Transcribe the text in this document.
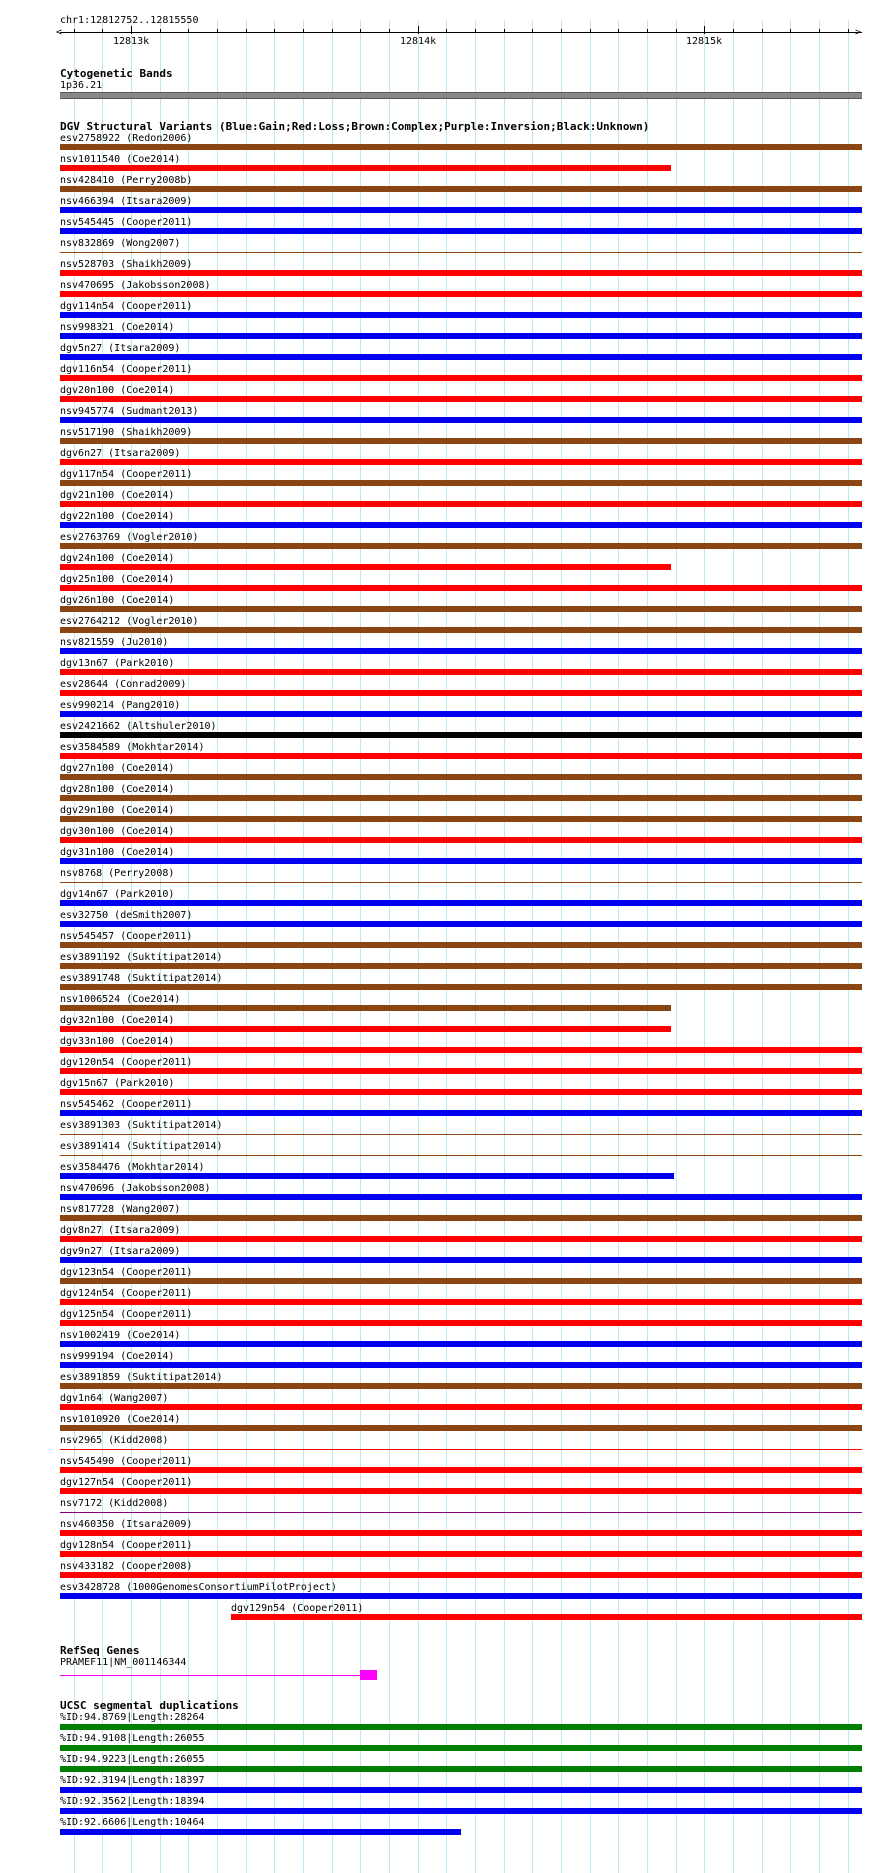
chr1:12812752..12815550
<	>
12813k	12814k	12815k
Cytogenetic Bands
1p36.21
DGV Structural Variants (Blue:Gain;Red:Loss;Brown:Complex;Purple:Inversion;Black:Unknown)
esv2758922 (Redon2006)
nsv1011540 (Coe2014)
nsv428410 (Perry2008b)
nsv466394 (Itsara2009)
nsv545445 (Cooper2011)
nsv832869 (Wong2007)
nsv528703 (Shaikh2009)
nsv470695 (Jakobsson2008)
dgv114n54 (Cooper2011)
nsv998321 (Coe2014)
dgv5n27 (Itsara2009)
dgv116n54 (Cooper2011)
dgv20n100 (Coe2014)
nsv945774 (Sudmant2013)
nsv517190 (Shaikh2009)
dgv6n27 (Itsara2009)
dgv117n54 (Cooper2011)
dgv21n100 (Coe2014)
dgv22n100 (Coe2014)
esv2763769 (Vogler2010)
dgv24n100 (Coe2014)
dgv25n100 (Coe2014)
dgv26n100 (Coe2014)
esv2764212 (Vogler2010)
nsv821559 (Ju2010)
dgv13n67 (Park2010)
esv28644 (Conrad2009)
esv990214 (Pang2010)
esv2421662 (Altshuler2010)
esv3584589 (Mokhtar2014)
dgv27n100 (Coe2014)
dgv28n100 (Coe2014)
dgv29n100 (Coe2014)
dgv30n100 (Coe2014)
dgv31n100 (Coe2014)
nsv8768 (Perry2008)
dgv14n67 (Park2010)
esv32750 (deSmith2007)
nsv545457 (Cooper2011)
esv3891192 (Suktitipat2014)
esv3891748 (Suktitipat2014)
nsv1006524 (Coe2014)
dgv32n100 (Coe2014)
dgv33n100 (Coe2014)
dgv120n54 (Cooper2011)
dgv15n67 (Park2010)
nsv545462 (Cooper2011)
esv3891303 (Suktitipat2014)
esv3891414 (Suktitipat2014)
esv3584476 (Mokhtar2014)
nsv470696 (Jakobsson2008)
nsv817728 (Wang2007)
dgv8n27 (Itsara2009)
dgv9n27 (Itsara2009)
dgv123n54 (Cooper2011)
dgv124n54 (Cooper2011)
dgv125n54 (Cooper2011)
nsv1002419 (Coe2014)
nsv999194 (Coe2014)
esv3891859 (Suktitipat2014)
dgv1n64 (Wang2007)
nsv1010920 (Coe2014)
nsv2965 (Kidd2008)
nsv545490 (Cooper2011)
dgv127n54 (Cooper2011)
nsv7172 (Kidd2008)
nsv460350 (Itsara2009)
dgv128n54 (Cooper2011)
nsv433182 (Cooper2008)
esv3428728 (1000GenomesConsortiumPilotProject)
dgv129n54 (Cooper2011)
RefSeq Genes
PRAMEF11|NM_001146344
UCSC segmental duplications
%ID:94.8769|Length:28264
%ID:94.9108|Length:26055
%ID:94.9223|Length:26055
%ID:92.3194|Length:18397
%ID:92.3562|Length:18394
%ID:92.6606|Length:10464
